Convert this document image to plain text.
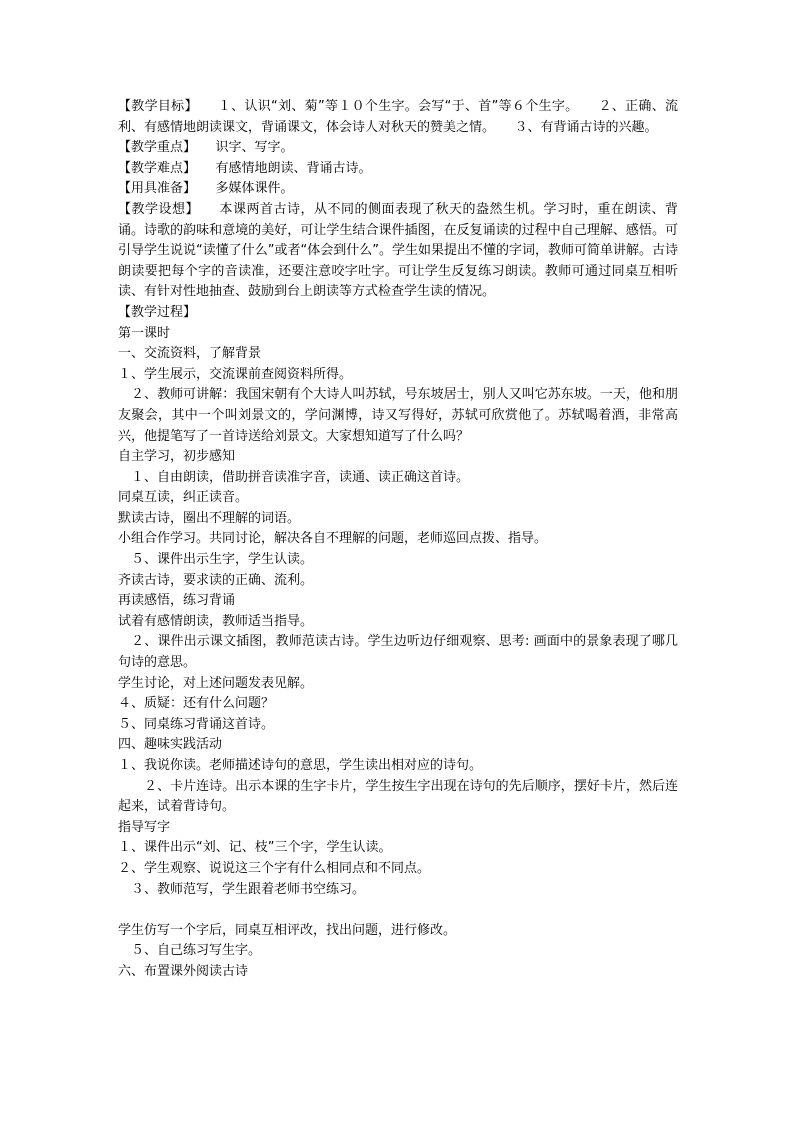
【教学目标】　　１、认识“刘、菊”等１０个生字。会写“于、首”等６个生字。　　２、正确、流利、有感情地朗读课文，背诵课文，体会诗人对秋天的赞美之情。　　３、有背诵古诗的兴趣。
【教学重点】　　识字、写字。
【教学难点】　　有感情地朗读、背诵古诗。
【用具准备】　　多媒体课件。
【教学设想】　　本课两首古诗，从不同的侧面表现了秋天的盎然生机。学习时，重在朗读、背诵。诗歌的韵味和意境的美好，可让学生结合课件插图，在反复诵读的过程中自己理解、感悟。可引导学生说说“读懂了什么”或者“体会到什么”。学生如果提出不懂的字词，教师可简单讲解。古诗朗读要把每个字的音读准，还要注意咬字吐字。可让学生反复练习朗读。教师可通过同桌互相听读、有针对性地抽查、鼓励到台上朗读等方式检查学生读的情况。
【教学过程】
第一课时
一、交流资料，了解背景
１、学生展示，交流课前查阅资料所得。
　２、教师可讲解：我国宋朝有个大诗人叫苏轼，号东坡居士，别人又叫它苏东坡。一天，他和朋友聚会，其中一个叫刘景文的，学问渊博，诗又写得好，苏轼可欣赏他了。苏轼喝着酒，非常高兴，他提笔写了一首诗送给刘景文。大家想知道写了什么吗？
自主学习，初步感知
　１、自由朗读，借助拼音读准字音，读通、读正确这首诗。
同桌互读，纠正读音。
默读古诗，圈出不理解的词语。
小组合作学习。共同讨论，解决各自不理解的问题，老师巡回点拨、指导。
　５、课件出示生字，学生认读。
齐读古诗，要求读的正确、流利。
再读感悟，练习背诵
试着有感情朗读，教师适当指导。
　２、课件出示课文插图，教师范读古诗。学生边听边仔细观察、思考: 画面中的景象表现了哪几句诗的意思。
学生讨论，对上述问题发表见解。
４、质疑：还有什么问题？
５、同桌练习背诵这首诗。
四、趣味实践活动
１、我说你读。老师描述诗句的意思，学生读出相对应的诗句。
　　２、卡片连诗。出示本课的生字卡片，学生按生字出现在诗句的先后顺序，摆好卡片，然后连起来，试着背诗句。
指导写字
１、课件出示“刘、记、枝”三个字，学生认读。
２、学生观察、说说这三个字有什么相同点和不同点。
　３、教师范写，学生跟着老师书空练习。
学生仿写一个字后，同桌互相评改，找出问题，进行修改。
　５、自己练习写生字。
六、布置课外阅读古诗
